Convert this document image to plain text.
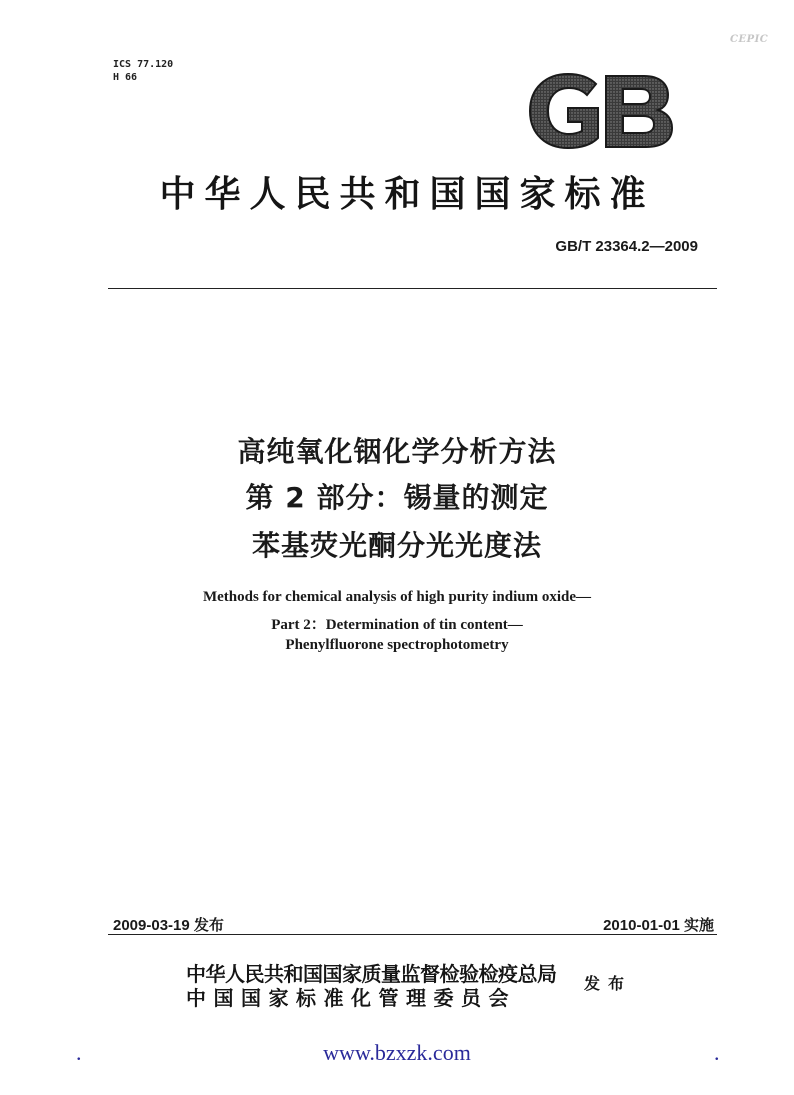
CEPIC
ICS 77.120
H 66
中华人民共和国国家标准
GB/T 23364.2—2009
高纯氧化铟化学分析方法
第 2 部分：锡量的测定
苯基荧光酮分光光度法
Methods for chemical analysis of high purity indium oxide—
Part 2：Determination of tin content—
Phenylfluorone spectrophotometry
2009-03-19 发布	2010-01-01 实施
中华人民共和国国家质量监督检验检疫总局
中国国家标准化管理委员会
发布
.	www.bzxzk.com	.
